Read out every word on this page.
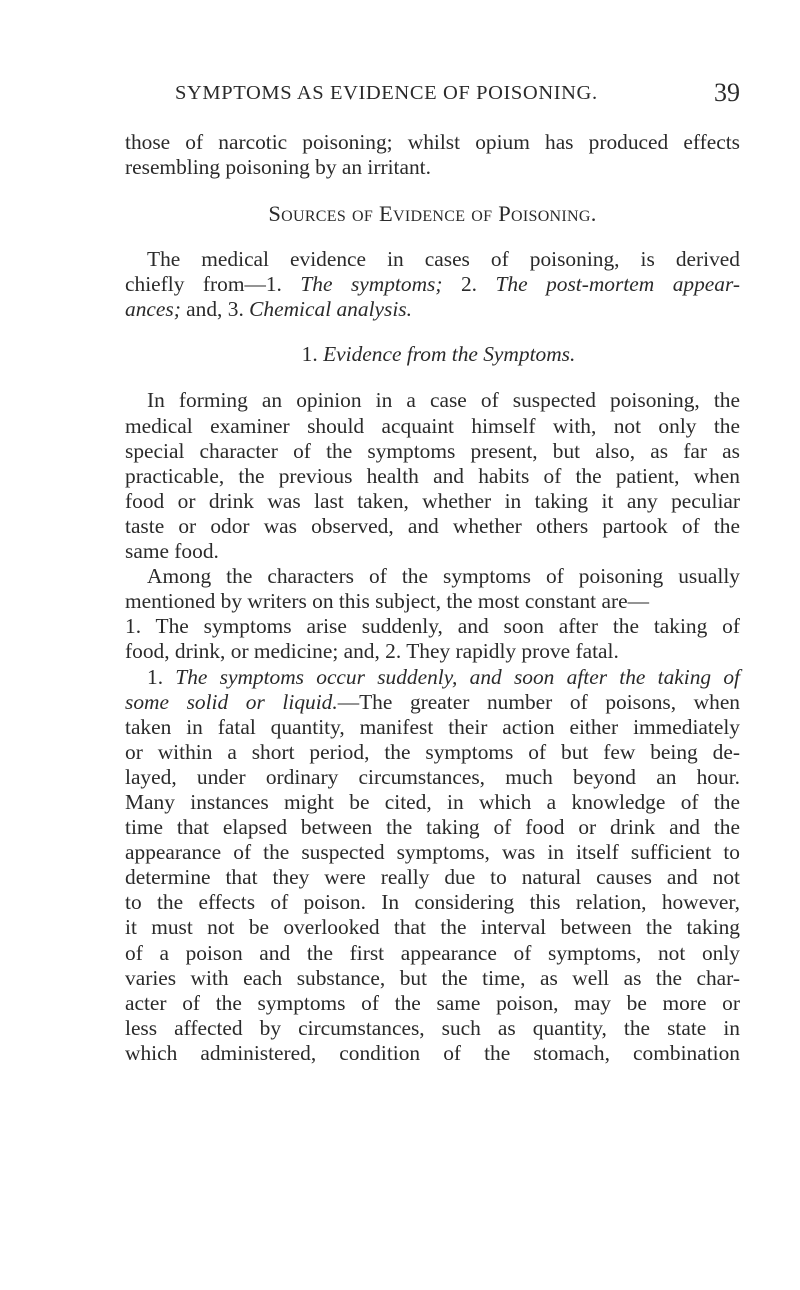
SYMPTOMS AS EVIDENCE OF POISONING.	39
those of narcotic poisoning; whilst opium has produced effects
resembling poisoning by an irritant.
Sources of Evidence of Poisoning.
The medical evidence in cases of poisoning, is derived
chiefly from—1. The symptoms; 2. The post-mortem appear-
ances; and, 3. Chemical analysis.
1. Evidence from the Symptoms.
In forming an opinion in a case of suspected poisoning, the
medical examiner should acquaint himself with, not only the
special character of the symptoms present, but also, as far as
practicable, the previous health and habits of the patient, when
food or drink was last taken, whether in taking it any peculiar
taste or odor was observed, and whether others partook of the
same food.
Among the characters of the symptoms of poisoning usually
mentioned by writers on this subject, the most constant are—
1. The symptoms arise suddenly, and soon after the taking of
food, drink, or medicine; and, 2. They rapidly prove fatal.
1. The symptoms occur suddenly, and soon after the taking of
some solid or liquid.—The greater number of poisons, when
taken in fatal quantity, manifest their action either immediately
or within a short period, the symptoms of but few being de-
layed, under ordinary circumstances, much beyond an hour.
Many instances might be cited, in which a knowledge of the
time that elapsed between the taking of food or drink and the
appearance of the suspected symptoms, was in itself sufficient to
determine that they were really due to natural causes and not
to the effects of poison. In considering this relation, however,
it must not be overlooked that the interval between the taking
of a poison and the first appearance of symptoms, not only
varies with each substance, but the time, as well as the char-
acter of the symptoms of the same poison, may be more or
less affected by circumstances, such as quantity, the state in
which administered, condition of the stomach, combination
